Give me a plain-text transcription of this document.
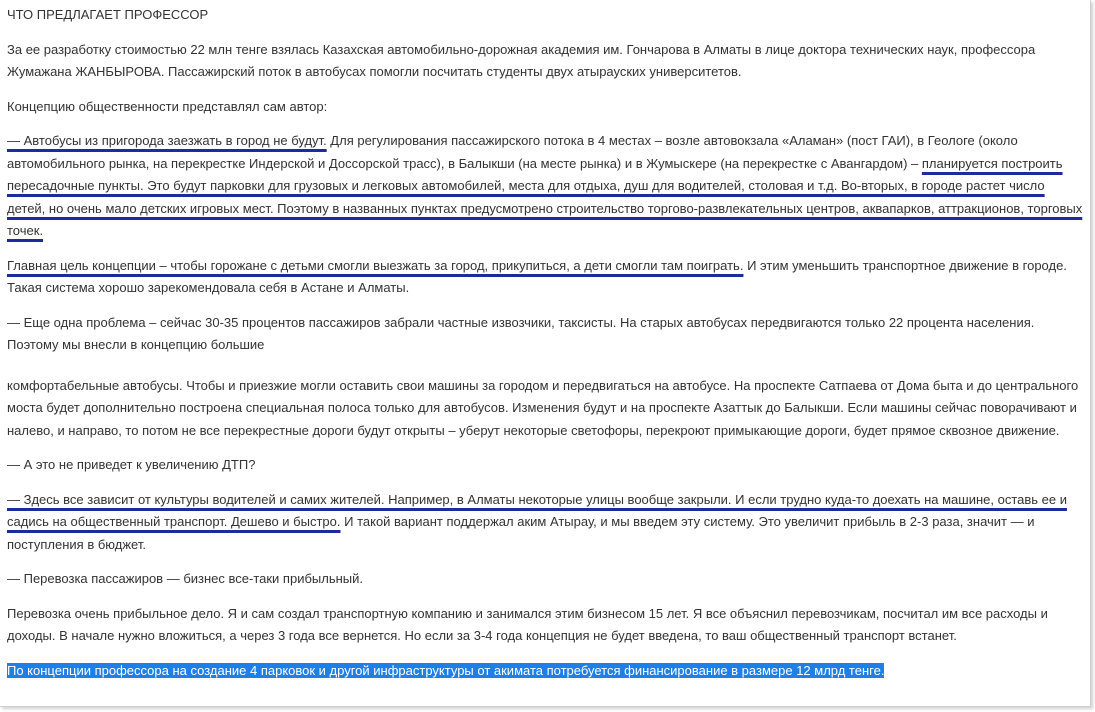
ЧТО ПРЕДЛАГАЕТ ПРОФЕССОР

За ее разработку стоимостью 22 млн тенге взялась Казахская автомобильно-дорожная академия им. Гончарова в Алматы в лице доктора технических наук, профессора Жумажана ЖАНБЫРОВА. Пассажирский поток в автобусах помогли посчитать студенты двух атырауских университетов.

Концепцию общественности представлял сам автор:

— Автобусы из пригорода заезжать в город не будут. Для регулирования пассажирского потока в 4 местах – возле автовокзала «Аламан» (пост ГАИ), в Геологе (около автомобильного рынка, на перекрестке Индерской и Доссорской трасс), в Балыкши (на месте рынка) и в Жумыскере (на перекрестке с Авангардом) – планируется построить пересадочные пункты. Это будут парковки для грузовых и легковых автомобилей, места для отдыха, душ для водителей, столовая и т.д. Во-вторых, в городе растет число детей, но очень мало детских игровых мест. Поэтому в названных пунктах предусмотрено строительство торгово-развлекательных центров, аквапарков, аттракционов, торговых точек.

Главная цель концепции – чтобы горожане с детьми смогли выезжать за город, прикупиться, а дети смогли там поиграть. И этим уменьшить транспортное движение в городе. Такая система хорошо зарекомендовала себя в Астане и Алматы.

— Еще одна проблема – сейчас 30-35 процентов пассажиров забрали частные извозчики, таксисты. На старых автобусах передвигаются только 22 процента населения. Поэтому мы внесли в концепцию большие

комфортабельные автобусы. Чтобы и приезжие могли оставить свои машины за городом и передвигаться на автобусе. На проспекте Сатпаева от Дома быта и до центрального моста будет дополнительно построена специальная полоса только для автобусов. Изменения будут и на проспекте Азаттык до Балыкши. Если машины сейчас поворачивают и налево, и направо, то потом не все перекрестные дороги будут открыты – уберут некоторые светофоры, перекроют примыкающие дороги, будет прямое сквозное движение.

— А это не приведет к увеличению ДТП?

— Здесь все зависит от культуры водителей и самих жителей. Например, в Алматы некоторые улицы вообще закрыли. И если трудно куда-то доехать на машине, оставь ее и садись на общественный транспорт. Дешево и быстро. И такой вариант поддержал аким Атырау, и мы введем эту систему. Это увеличит прибыль в 2-3 раза, значит — и поступления в бюджет.

— Перевозка пассажиров — бизнес все-таки прибыльный.

Перевозка очень прибыльное дело. Я и сам создал транспортную компанию и занимался этим бизнесом 15 лет. Я все объяснил перевозчикам, посчитал им все расходы и доходы. В начале нужно вложиться, а через 3 года все вернется. Но если за 3-4 года концепция не будет введена, то ваш общественный транспорт встанет.

По концепции профессора на создание 4 парковок и другой инфраструктуры от акимата потребуется финансирование в размере 12 млрд тенге.
